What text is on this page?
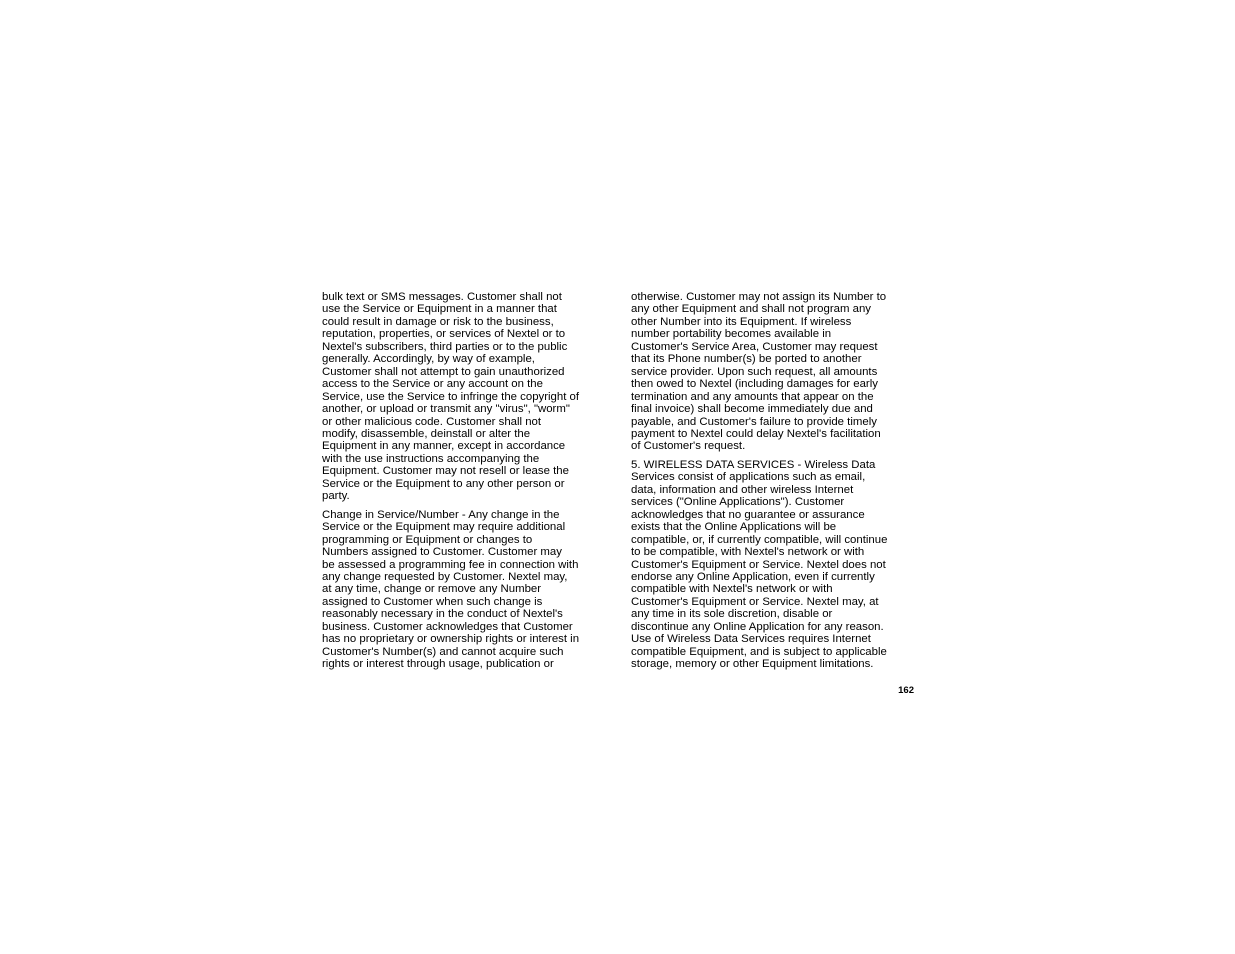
bulk text or SMS messages. Customer shall not
use the Service or Equipment in a manner that
could result in damage or risk to the business,
reputation, properties, or services of Nextel or to
Nextel's subscribers, third parties or to the public
generally. Accordingly, by way of example,
Customer shall not attempt to gain unauthorized
access to the Service or any account on the
Service, use the Service to infringe the copyright of
another, or upload or transmit any "virus", "worm"
or other malicious code. Customer shall not
modify, disassemble, deinstall or alter the
Equipment in any manner, except in accordance
with the use instructions accompanying the
Equipment. Customer may not resell or lease the
Service or the Equipment to any other person or
party.

Change in Service/Number - Any change in the
Service or the Equipment may require additional
programming or Equipment or changes to
Numbers assigned to Customer. Customer may
be assessed a programming fee in connection with
any change requested by Customer. Nextel may,
at any time, change or remove any Number
assigned to Customer when such change is
reasonably necessary in the conduct of Nextel's
business. Customer acknowledges that Customer
has no proprietary or ownership rights or interest in
Customer's Number(s) and cannot acquire such
rights or interest through usage, publication or

otherwise. Customer may not assign its Number to
any other Equipment and shall not program any
other Number into its Equipment. If wireless
number portability becomes available in
Customer's Service Area, Customer may request
that its Phone number(s) be ported to another
service provider. Upon such request, all amounts
then owed to Nextel (including damages for early
termination and any amounts that appear on the
final invoice) shall become immediately due and
payable, and Customer's failure to provide timely
payment to Nextel could delay Nextel's facilitation
of Customer's request.

5. WIRELESS DATA SERVICES - Wireless Data
Services consist of applications such as email,
data, information and other wireless Internet
services ("Online Applications"). Customer
acknowledges that no guarantee or assurance
exists that the Online Applications will be
compatible, or, if currently compatible, will continue
to be compatible, with Nextel's network or with
Customer's Equipment or Service. Nextel does not
endorse any Online Application, even if currently
compatible with Nextel's network or with
Customer's Equipment or Service. Nextel may, at
any time in its sole discretion, disable or
discontinue any Online Application for any reason.
Use of Wireless Data Services requires Internet
compatible Equipment, and is subject to applicable
storage, memory or other Equipment limitations.

162
